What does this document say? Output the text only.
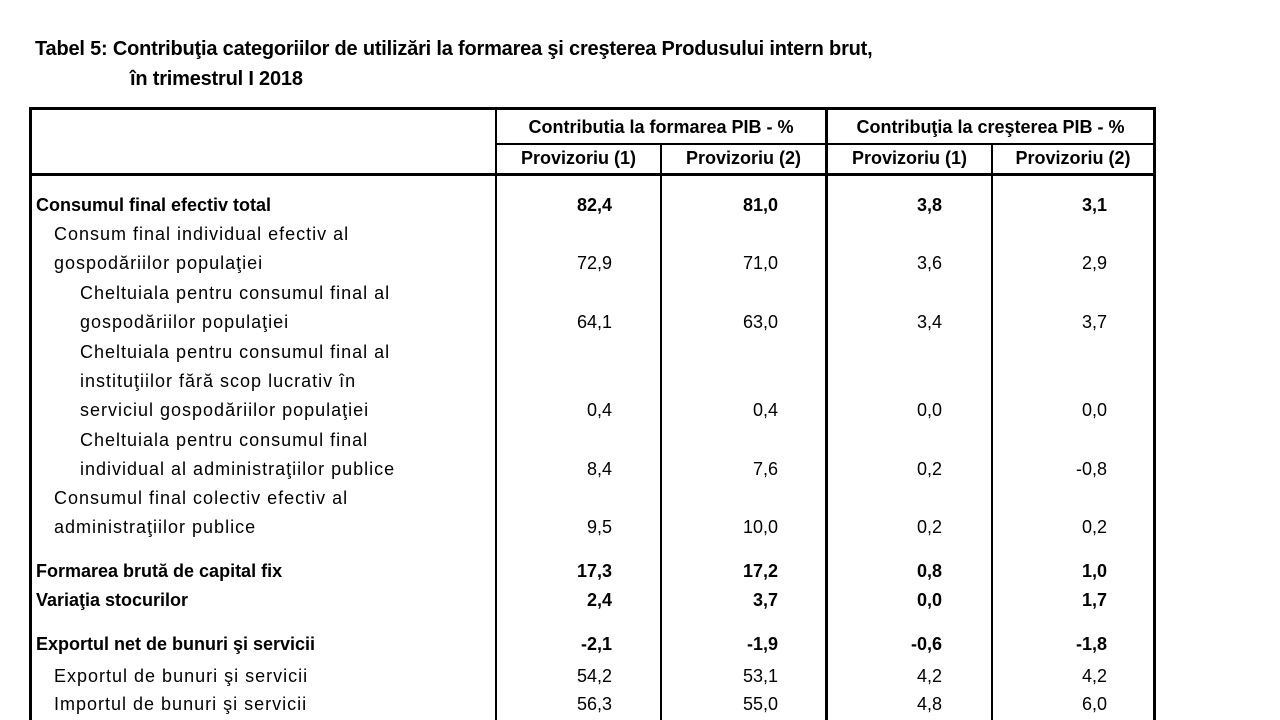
Tabel 5: Contribuţia categoriilor de utilizări la formarea şi creşterea Produsului intern brut,
în trimestrul I 2018
Contributia la formarea PIB - %	Contribuţia la creşterea PIB - %
Provizoriu (1)	Provizoriu (2)	Provizoriu (1)	Provizoriu (2)
Consumul final efectiv total	82,4	81,0	3,8	3,1
Consum final individual efectiv al
gospodăriilor populaţiei	72,9	71,0	3,6	2,9
Cheltuiala pentru consumul final al
gospodăriilor populaţiei	64,1	63,0	3,4	3,7
Cheltuiala pentru consumul final al
instituţiilor fără scop lucrativ în
serviciul gospodăriilor populaţiei	0,4	0,4	0,0	0,0
Cheltuiala pentru consumul final
individual al administraţiilor publice	8,4	7,6	0,2	-0,8
Consumul final colectiv efectiv al
administraţiilor publice	9,5	10,0	0,2	0,2
Formarea brută de capital fix	17,3	17,2	0,8	1,0
Variaţia stocurilor	2,4	3,7	0,0	1,7
Exportul net de bunuri şi servicii	-2,1	-1,9	-0,6	-1,8
Exportul de bunuri şi servicii	54,2	53,1	4,2	4,2
Importul de bunuri şi servicii	56,3	55,0	4,8	6,0
